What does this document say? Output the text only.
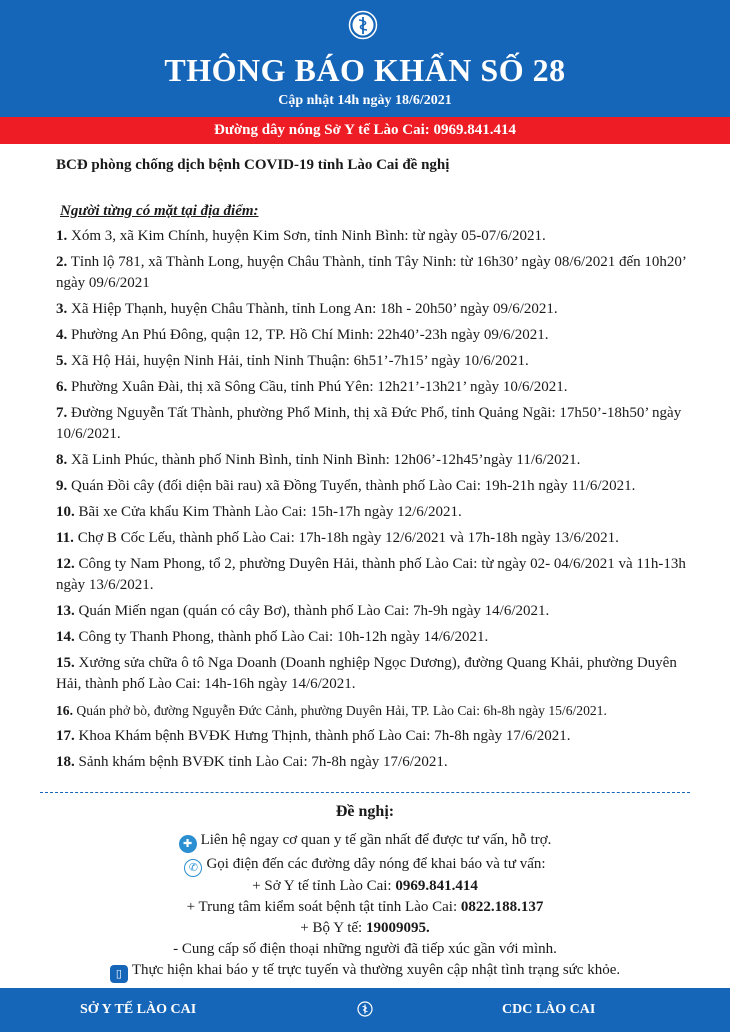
THÔNG BÁO KHẨN SỐ 28
Cập nhật 14h ngày 18/6/2021
Đường dây nóng Sở Y tế Lào Cai: 0969.841.414
BCĐ phòng chống dịch bệnh COVID-19 tỉnh Lào Cai đề nghị
Người từng có mặt tại địa điểm:
1. Xóm 3, xã Kim Chính, huyện Kim Sơn, tỉnh Ninh Bình: từ ngày 05-07/6/2021.
2. Tỉnh lộ 781, xã Thành Long, huyện Châu Thành, tỉnh Tây Ninh: từ 16h30’ ngày 08/6/2021 đến 10h20’ ngày 09/6/2021
3. Xã Hiệp Thạnh, huyện Châu Thành, tỉnh Long An: 18h - 20h50’ ngày 09/6/2021.
4. Phường An Phú Đông, quận 12, TP. Hồ Chí Minh: 22h40’-23h ngày 09/6/2021.
5. Xã Hộ Hải, huyện Ninh Hải, tỉnh Ninh Thuận: 6h51’-7h15’ ngày 10/6/2021.
6. Phường Xuân Đài, thị xã Sông Cầu, tỉnh Phú Yên: 12h21’-13h21’ ngày 10/6/2021.
7. Đường Nguyễn Tất Thành, phường Phổ Minh, thị xã Đức Phổ, tỉnh Quảng Ngãi: 17h50’-18h50’ ngày 10/6/2021.
8. Xã Linh Phúc, thành phố Ninh Bình, tỉnh Ninh Bình: 12h06’-12h45’ngày 11/6/2021.
9. Quán Đồi cây (đối diện bãi rau) xã Đồng Tuyển, thành phố Lào Cai: 19h-21h ngày 11/6/2021.
10. Bãi xe Cửa khẩu Kim Thành Lào Cai: 15h-17h ngày 12/6/2021.
11. Chợ B Cốc Lếu, thành phố Lào Cai: 17h-18h ngày 12/6/2021 và 17h-18h ngày 13/6/2021.
12. Công ty Nam Phong, tổ 2, phường Duyên Hải, thành phố Lào Cai: từ ngày 02- 04/6/2021 và 11h-13h ngày 13/6/2021.
13. Quán Miến ngan (quán có cây Bơ), thành phố Lào Cai: 7h-9h ngày 14/6/2021.
14. Công ty Thanh Phong, thành phố Lào Cai: 10h-12h ngày 14/6/2021.
15. Xưởng sửa chữa ô tô Nga Doanh (Doanh nghiệp Ngọc Dương), đường Quang Khải, phường Duyên Hải, thành phố Lào Cai: 14h-16h ngày 14/6/2021.
16. Quán phở bò, đường Nguyễn Đức Cảnh, phường Duyên Hải, TP. Lào Cai: 6h-8h ngày 15/6/2021.
17. Khoa Khám bệnh BVĐK Hưng Thịnh, thành phố Lào Cai: 7h-8h ngày 17/6/2021.
18. Sảnh khám bệnh BVĐK tỉnh Lào Cai: 7h-8h ngày 17/6/2021.
Đề nghị:
✚ Liên hệ ngay cơ quan y tế gần nhất để được tư vấn, hỗ trợ.
✆ Gọi điện đến các đường dây nóng để khai báo và tư vấn:
+ Sở Y tế tỉnh Lào Cai: 0969.841.414
+ Trung tâm kiểm soát bệnh tật tỉnh Lào Cai: 0822.188.137
+ Bộ Y tế: 19009095.
- Cung cấp số điện thoại những người đã tiếp xúc gần với mình.
▯ Thực hiện khai báo y tế trực tuyến và thường xuyên cập nhật tình trạng sức khỏe.
SỞ Y TẾ LÀO CAI	CDC LÀO CAI
